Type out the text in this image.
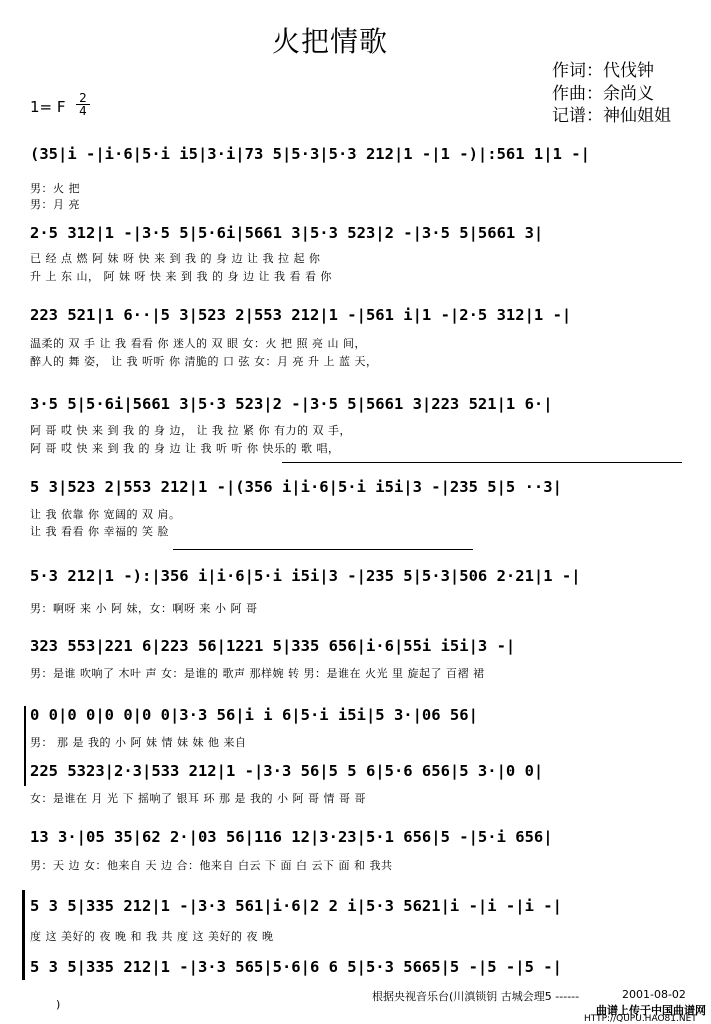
火把情歌
作词：代伐钟
作曲：余尚义
记谱：神仙姐姐
1= F $\frac{2}{4}$
(35|i -|i·6|5·i i5|3·i|73 5|5·3|5·3 212|1 -|1 -)|:561 1|1 -|
男：火 把
男：月 亮
2·5 312|1 -|3·5 5|5·6i|5661 3|5·3 523|2 -|3·5 5|5661 3|
已 经 点 燃 阿 妹 呀 快 来 到 我 的 身 边 让 我 拉 起 你
升 上 东 山， 阿 妹 呀 快 来 到 我 的 身 边 让 我 看 看 你
223 521|1 6··|5 3|523 2|553 212|1 -|561 i|1 -|2·5 312|1 -|
温柔的 双 手 让 我 看看 你 迷人的 双 眼 女：火 把 照 亮 山 间，
醉人的 舞 姿， 让 我 听听 你 清脆的 口 弦 女：月 亮 升 上 蓝 天，
3·5 5|5·6i|5661 3|5·3 523|2 -|3·5 5|5661 3|223 521|1 6·|
阿 哥 哎 快 来 到 我 的 身 边， 让 我 拉 紧 你 有力的 双 手，
阿 哥 哎 快 来 到 我 的 身 边 让 我 听 听 你 快乐的 歌 唱，
5 3|523 2|553 212|1 -|(356 i|i·6|5·i i5i|3 -|235 5|5 ··3|
让 我 依靠 你 宽阔的 双 肩。
让 我 看看 你 幸福的 笑 脸
5·3 212|1 -):|356 i|i·6|5·i i5i|3 -|235 5|5·3|506 2·21|1 -|
男：啊呀 来 小 阿 妹，女：啊呀 来 小 阿 哥
323 553|221 6|223 56|1221 5|335 656|i·6|55i i5i|3 -|
男：是谁 吹响了 木叶 声 女：是谁的 歌声 那样婉 转 男：是谁在 火光 里 旋起了 百褶 裙
0 0|0 0|0 0|0 0|3·3 56|i i 6|5·i i5i|5 3·|06 56|
男： 那 是 我的 小 阿 妹 情 妹 妹 他 来自
225 5323|2·3|533 212|1 -|3·3 56|5 5 6|5·6 656|5 3·|0 0|
女：是谁在 月 光 下 摇响了 银耳 环 那 是 我的 小 阿 哥 情 哥 哥
13 3·|05 35|62 2·|03 56|116 12|3·23|5·1 656|5 -|5·i 656|
男：天 边 女：他来自 天 边 合：他来自 白云 下 面 白 云下 面 和 我共
5 3 5|335 212|1 -|3·3 561|i·6|2 2 i|5·3 5621|i -|i -|i -|
度 这 美好的 夜 晚 和 我 共 度 这 美好的 夜 晚
5 3 5|335 212|1 -|3·3 565|5·6|6 6 5|5·3 5665|5 -|5 -|5 -|
)
根据央视音乐台(川滇锁钥 古城会理5 ------	2001-08-02
曲谱上传于中国曲谱网
HTTP://QUPU.HAO81.NET
